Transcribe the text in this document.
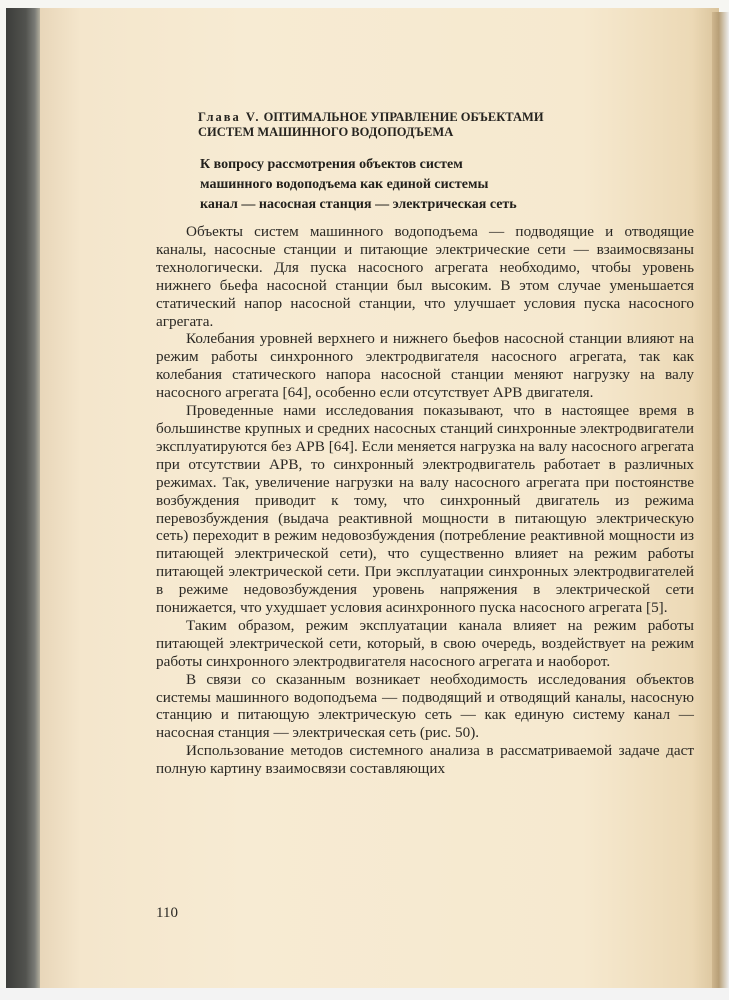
Глава V. ОПТИМАЛЬНОЕ УПРАВЛЕНИЕ ОБЪЕКТАМИ
СИСТЕМ МАШИННОГО ВОДОПОДЪЕМА
К вопросу рассмотрения объектов систем
машинного водоподъема как единой системы
канал — насосная станция — электрическая сеть

Объекты систем машинного водоподъема — подводящие и отводящие каналы, насосные станции и питающие электрические сети — взаимосвязаны технологически. Для пуска насосного агрегата необходимо, чтобы уровень нижнего бьефа насосной станции был высоким. В этом случае уменьшается статический напор насосной станции, что улучшает условия пуска насосного агрегата.

Колебания уровней верхнего и нижнего бьефов насосной станции влияют на режим работы синхронного электродвигателя насосного агрегата, так как колебания статического напора насосной станции меняют нагрузку на валу насосного агрегата [64], особенно если отсутствует АРВ двигателя.

Проведенные нами исследования показывают, что в настоящее время в большинстве крупных и средних насосных станций синхронные электродвигатели эксплуатируются без АРВ [64]. Если меняется нагрузка на валу насосного агрегата при отсутствии АРВ, то синхронный электродвигатель работает в различных режимах. Так, увеличение нагрузки на валу насосного агрегата при постоянстве возбуждения приводит к тому, что синхронный двигатель из режима перевозбуждения (выдача реактивной мощности в питающую электрическую сеть) переходит в режим недовозбуждения (потребление реактивной мощности из питающей электрической сети), что существенно влияет на режим работы питающей электрической сети. При эксплуатации синхронных электродвигателей в режиме недовозбуждения уровень напряжения в электрической сети понижается, что ухудшает условия асинхронного пуска насосного агрегата [5].

Таким образом, режим эксплуатации канала влияет на режим работы питающей электрической сети, который, в свою очередь, воздействует на режим работы синхронного электродвигателя насосного агрегата и наоборот.

В связи со сказанным возникает необходимость исследования объектов системы машинного водоподъема — подводящий и отводящий каналы, насосную станцию и питающую электрическую сеть — как единую систему канал — насосная станция — электрическая сеть (рис. 50).

Использование методов системного анализа в рассматриваемой задаче даст полную картину взаимосвязи составляющих

110
